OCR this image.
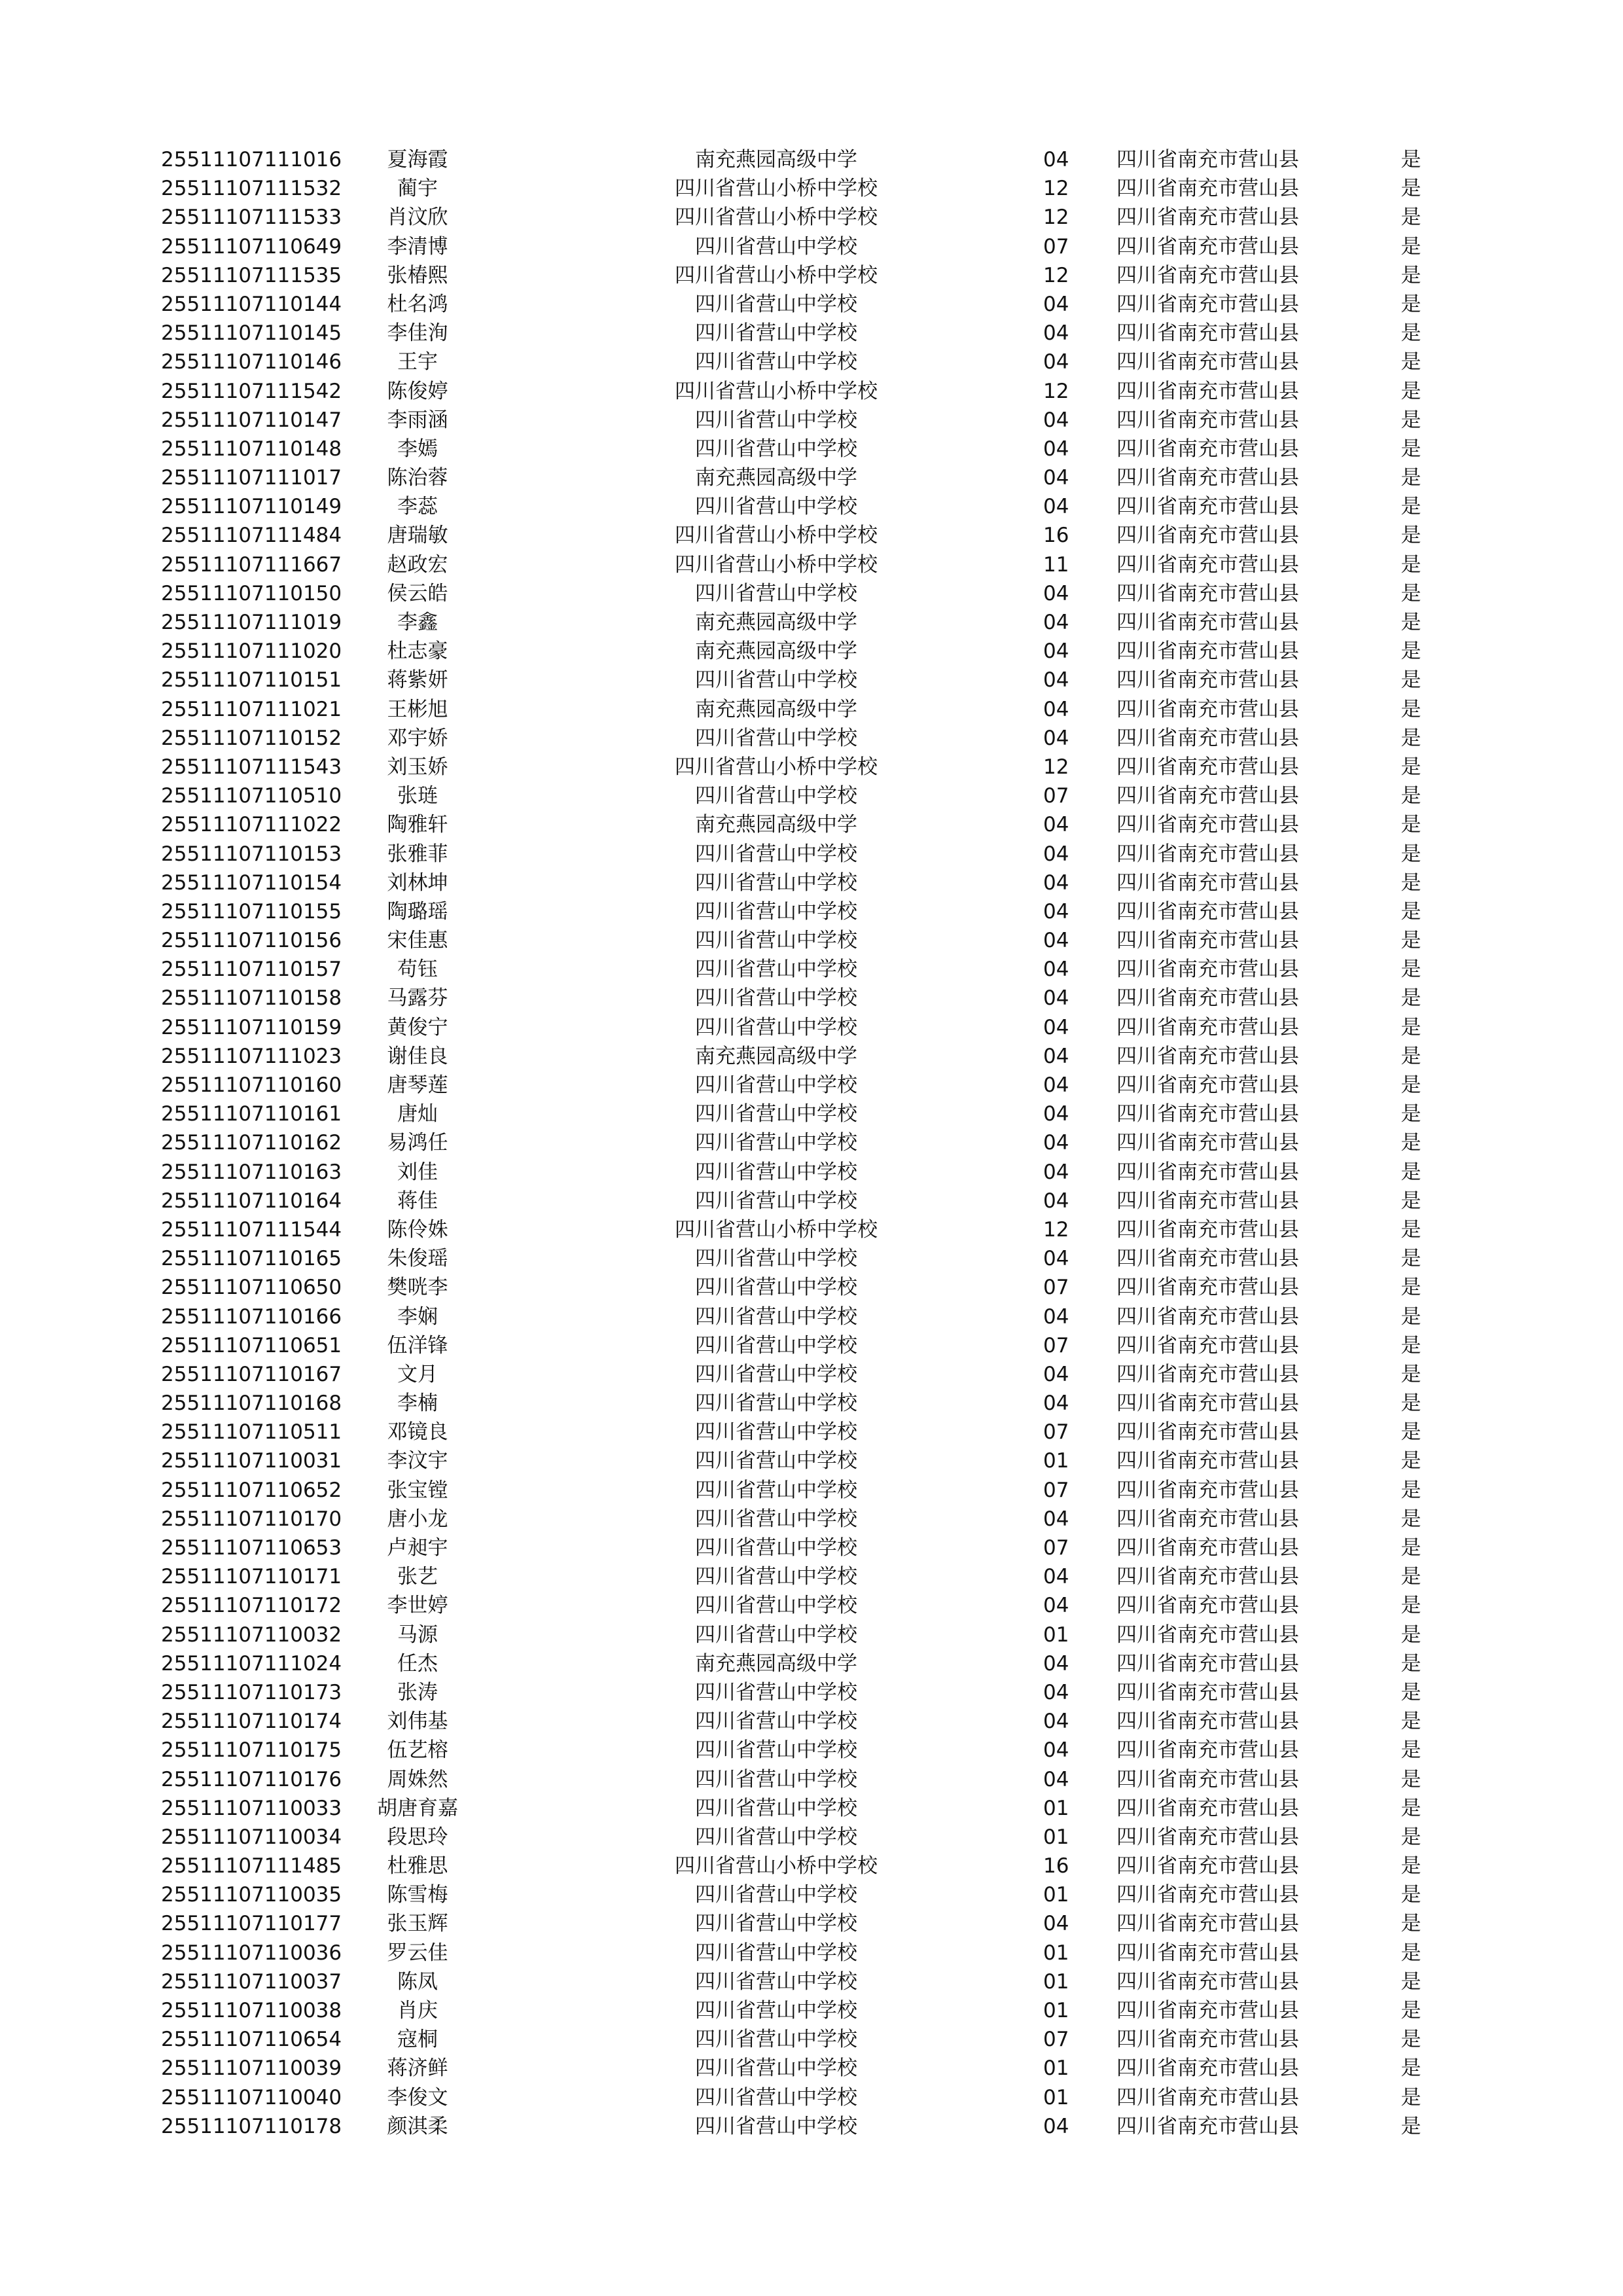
25511107111016	夏海霞	南充燕园高级中学	04	四川省南充市营山县	是
25511107111532	蔺宇	四川省营山小桥中学校	12	四川省南充市营山县	是
25511107111533	肖汶欣	四川省营山小桥中学校	12	四川省南充市营山县	是
25511107110649	李清博	四川省营山中学校	07	四川省南充市营山县	是
25511107111535	张椿熙	四川省营山小桥中学校	12	四川省南充市营山县	是
25511107110144	杜名鸿	四川省营山中学校	04	四川省南充市营山县	是
25511107110145	李佳洵	四川省营山中学校	04	四川省南充市营山县	是
25511107110146	王宇	四川省营山中学校	04	四川省南充市营山县	是
25511107111542	陈俊婷	四川省营山小桥中学校	12	四川省南充市营山县	是
25511107110147	李雨涵	四川省营山中学校	04	四川省南充市营山县	是
25511107110148	李嫣	四川省营山中学校	04	四川省南充市营山县	是
25511107111017	陈治蓉	南充燕园高级中学	04	四川省南充市营山县	是
25511107110149	李蕊	四川省营山中学校	04	四川省南充市营山县	是
25511107111484	唐瑞敏	四川省营山小桥中学校	16	四川省南充市营山县	是
25511107111667	赵政宏	四川省营山小桥中学校	11	四川省南充市营山县	是
25511107110150	侯云皓	四川省营山中学校	04	四川省南充市营山县	是
25511107111019	李鑫	南充燕园高级中学	04	四川省南充市营山县	是
25511107111020	杜志豪	南充燕园高级中学	04	四川省南充市营山县	是
25511107110151	蒋紫妍	四川省营山中学校	04	四川省南充市营山县	是
25511107111021	王彬旭	南充燕园高级中学	04	四川省南充市营山县	是
25511107110152	邓宇娇	四川省营山中学校	04	四川省南充市营山县	是
25511107111543	刘玉娇	四川省营山小桥中学校	12	四川省南充市营山县	是
25511107110510	张琏	四川省营山中学校	07	四川省南充市营山县	是
25511107111022	陶雅轩	南充燕园高级中学	04	四川省南充市营山县	是
25511107110153	张雅菲	四川省营山中学校	04	四川省南充市营山县	是
25511107110154	刘林坤	四川省营山中学校	04	四川省南充市营山县	是
25511107110155	陶璐瑶	四川省营山中学校	04	四川省南充市营山县	是
25511107110156	宋佳惠	四川省营山中学校	04	四川省南充市营山县	是
25511107110157	苟钰	四川省营山中学校	04	四川省南充市营山县	是
25511107110158	马露芬	四川省营山中学校	04	四川省南充市营山县	是
25511107110159	黄俊宁	四川省营山中学校	04	四川省南充市营山县	是
25511107111023	谢佳良	南充燕园高级中学	04	四川省南充市营山县	是
25511107110160	唐琴莲	四川省营山中学校	04	四川省南充市营山县	是
25511107110161	唐灿	四川省营山中学校	04	四川省南充市营山县	是
25511107110162	易鸿任	四川省营山中学校	04	四川省南充市营山县	是
25511107110163	刘佳	四川省营山中学校	04	四川省南充市营山县	是
25511107110164	蒋佳	四川省营山中学校	04	四川省南充市营山县	是
25511107111544	陈伶姝	四川省营山小桥中学校	12	四川省南充市营山县	是
25511107110165	朱俊瑶	四川省营山中学校	04	四川省南充市营山县	是
25511107110650	樊咣李	四川省营山中学校	07	四川省南充市营山县	是
25511107110166	李娴	四川省营山中学校	04	四川省南充市营山县	是
25511107110651	伍洋锋	四川省营山中学校	07	四川省南充市营山县	是
25511107110167	文月	四川省营山中学校	04	四川省南充市营山县	是
25511107110168	李楠	四川省营山中学校	04	四川省南充市营山县	是
25511107110511	邓镜良	四川省营山中学校	07	四川省南充市营山县	是
25511107110031	李汶宇	四川省营山中学校	01	四川省南充市营山县	是
25511107110652	张宝镗	四川省营山中学校	07	四川省南充市营山县	是
25511107110170	唐小龙	四川省营山中学校	04	四川省南充市营山县	是
25511107110653	卢昶宇	四川省营山中学校	07	四川省南充市营山县	是
25511107110171	张艺	四川省营山中学校	04	四川省南充市营山县	是
25511107110172	李世婷	四川省营山中学校	04	四川省南充市营山县	是
25511107110032	马源	四川省营山中学校	01	四川省南充市营山县	是
25511107111024	任杰	南充燕园高级中学	04	四川省南充市营山县	是
25511107110173	张涛	四川省营山中学校	04	四川省南充市营山县	是
25511107110174	刘伟基	四川省营山中学校	04	四川省南充市营山县	是
25511107110175	伍艺榕	四川省营山中学校	04	四川省南充市营山县	是
25511107110176	周姝然	四川省营山中学校	04	四川省南充市营山县	是
25511107110033	胡唐育嘉	四川省营山中学校	01	四川省南充市营山县	是
25511107110034	段思玲	四川省营山中学校	01	四川省南充市营山县	是
25511107111485	杜雅思	四川省营山小桥中学校	16	四川省南充市营山县	是
25511107110035	陈雪梅	四川省营山中学校	01	四川省南充市营山县	是
25511107110177	张玉辉	四川省营山中学校	04	四川省南充市营山县	是
25511107110036	罗云佳	四川省营山中学校	01	四川省南充市营山县	是
25511107110037	陈凤	四川省营山中学校	01	四川省南充市营山县	是
25511107110038	肖庆	四川省营山中学校	01	四川省南充市营山县	是
25511107110654	寇桐	四川省营山中学校	07	四川省南充市营山县	是
25511107110039	蒋济鲜	四川省营山中学校	01	四川省南充市营山县	是
25511107110040	李俊文	四川省营山中学校	01	四川省南充市营山县	是
25511107110178	颜淇柔	四川省营山中学校	04	四川省南充市营山县	是
